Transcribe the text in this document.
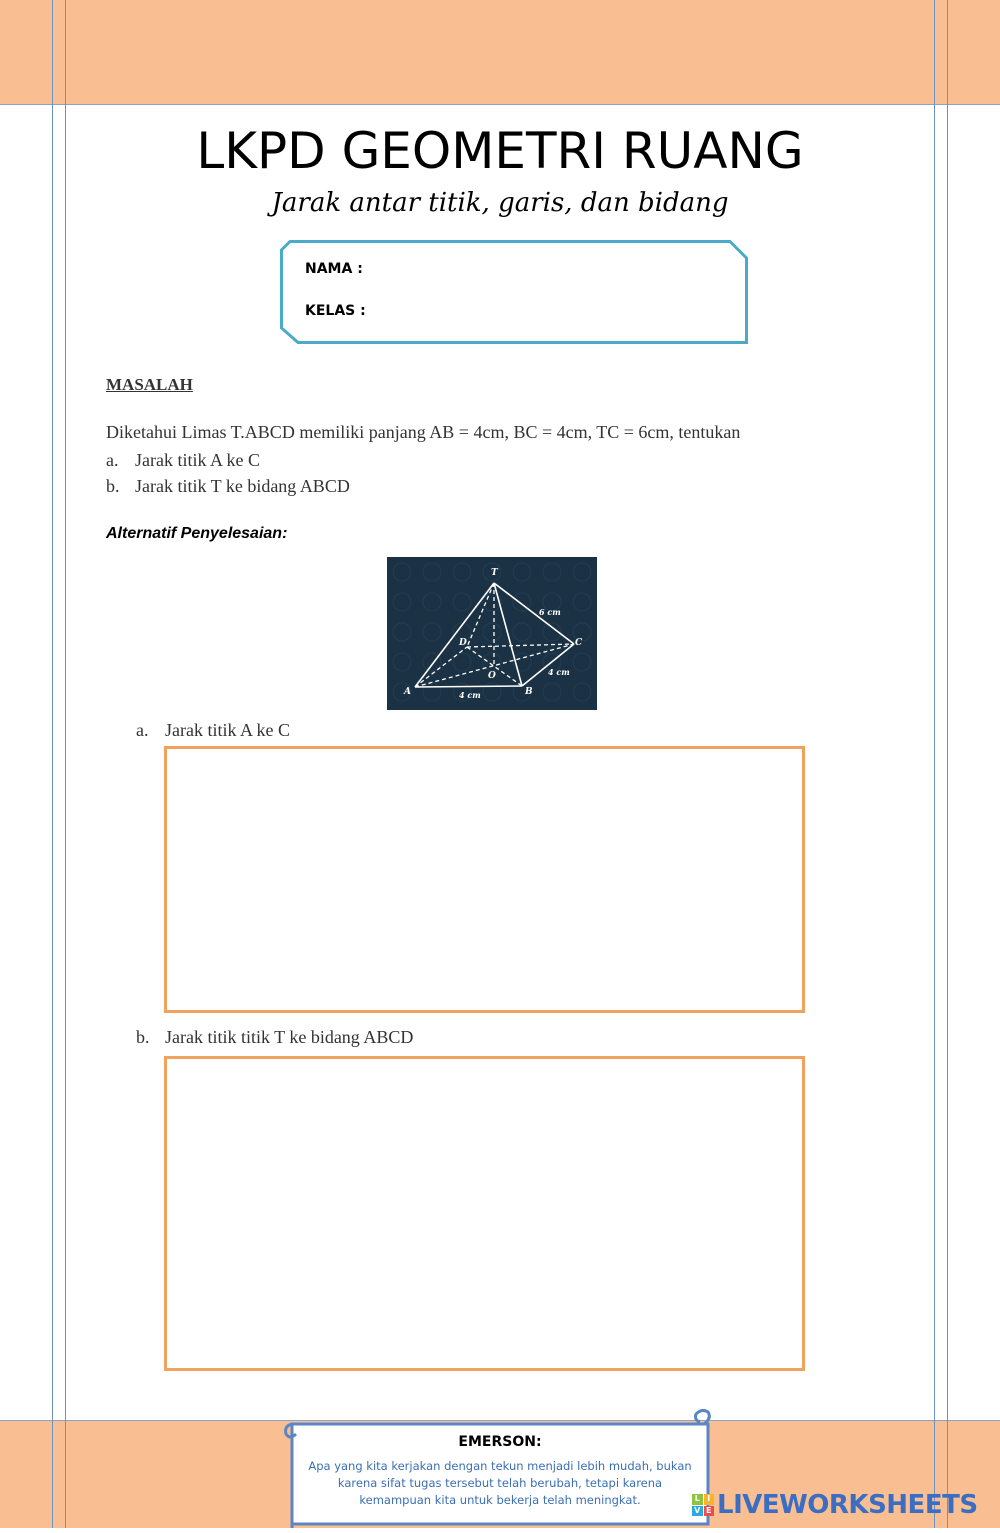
LKPD GEOMETRI RUANG
Jarak antar titik, garis, dan bidang
NAMA :
KELAS :
MASALAH
Diketahui Limas T.ABCD memiliki panjang AB = 4cm, BC = 4cm, TC = 6cm, tentukan
a. Jarak titik A ke C
b. Jarak titik T ke bidang ABCD
Alternatif Penyelesaian:
T
D	C
O
A	B
6 cm
4 cm
4 cm
a. Jarak titik A ke C
b. Jarak titik titik T ke bidang ABCD
EMERSON:
Apa yang kita kerjakan dengan tekun menjadi lebih mudah, bukan
karena sifat tugas tersebut telah berubah, tetapi karena
kemampuan kita untuk bekerja telah meningkat.	L I
V E LIVEWORKSHEETS
